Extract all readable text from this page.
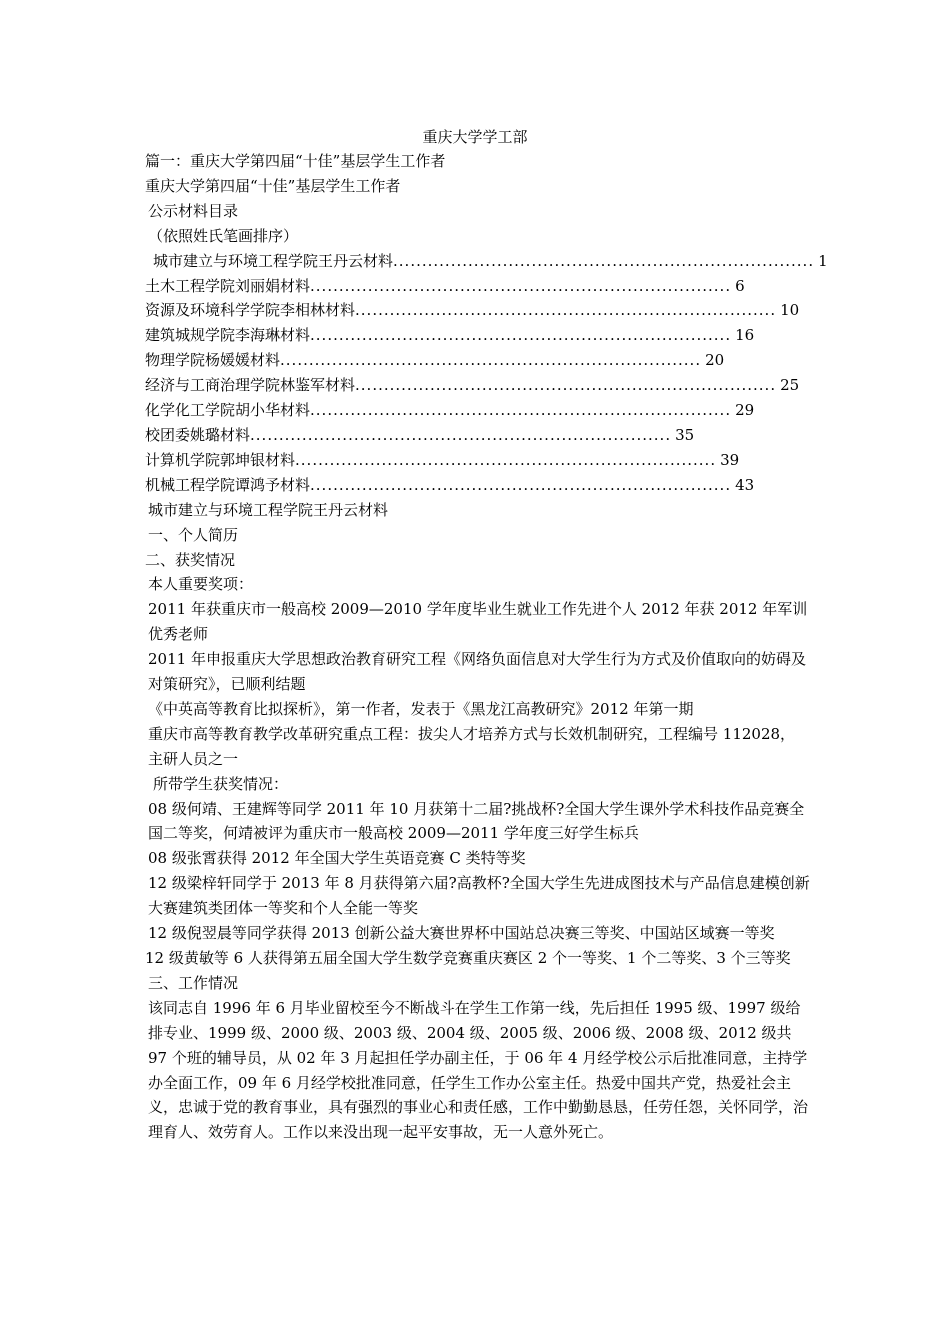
重庆大学学工部

篇一：重庆大学第四届“十佳”基层学生工作者

重庆大学第四届“十佳”基层学生工作者

公示材料目录

（依照姓氏笔画排序）

城市建立与环境工程学院王丹云材料 ......................................................................... 1
土木工程学院刘丽娟材料 ......................................................................... 6
资源及环境科学学院李相林材料 ......................................................................... 10
建筑城规学院李海琳材料 ......................................................................... 16
物理学院杨媛媛材料 ......................................................................... 20
经济与工商治理学院林鉴军材料 ......................................................................... 25
化学化工学院胡小华材料 ......................................................................... 29
校团委姚璐材料 ......................................................................... 35
计算机学院郭坤银材料 ......................................................................... 39
机械工程学院谭鸿予材料 ......................................................................... 43

城市建立与环境工程学院王丹云材料

一、个人简历

二、获奖情况

本人重要奖项：

2011 年获重庆市一般高校 2009—2010 学年度毕业生就业工作先进个人 2012 年获 2012 年军训优秀老师

2011 年申报重庆大学思想政治教育研究工程《网络负面信息对大学生行为方式及价值取向的妨碍及对策研究》，已顺利结题

《中英高等教育比拟探析》，第一作者，发表于《黑龙江高教研究》2012 年第一期

重庆市高等教育教学改革研究重点工程：拔尖人才培养方式与长效机制研究，工程编号 112028，主研人员之一

所带学生获奖情况：

08 级何靖、王建辉等同学 2011 年 10 月获第十二届?挑战杯?全国大学生课外学术科技作品竞赛全国二等奖，何靖被评为重庆市一般高校 2009—2011 学年度三好学生标兵

08 级张霄获得 2012 年全国大学生英语竞赛 C 类特等奖

12 级梁梓轩同学于 2013 年 8 月获得第六届?高教杯?全国大学生先进成图技术与产品信息建模创新大赛建筑类团体一等奖和个人全能一等奖

12 级倪翌晨等同学获得 2013 创新公益大赛世界杯中国站总决赛三等奖、中国站区域赛一等奖

12 级黄敏等 6 人获得第五届全国大学生数学竞赛重庆赛区 2 个一等奖、1 个二等奖、3 个三等奖

三、工作情况

该同志自 1996 年 6 月毕业留校至今不断战斗在学生工作第一线，先后担任 1995 级、1997 级给排专业、1999 级、2000 级、2003 级、2004 级、2005 级、2006 级、2008 级、2012 级共 97 个班的辅导员，从 02 年 3 月起担任学办副主任，于 06 年 4 月经学校公示后批准同意，主持学办全面工作，09 年 6 月经学校批准同意，任学生工作办公室主任。热爱中国共产党，热爱社会主义，忠诚于党的教育事业，具有强烈的事业心和责任感，工作中勤勤恳恳，任劳任怨，关怀同学，治理育人、效劳育人。工作以来没出现一起平安事故，无一人意外死亡。
